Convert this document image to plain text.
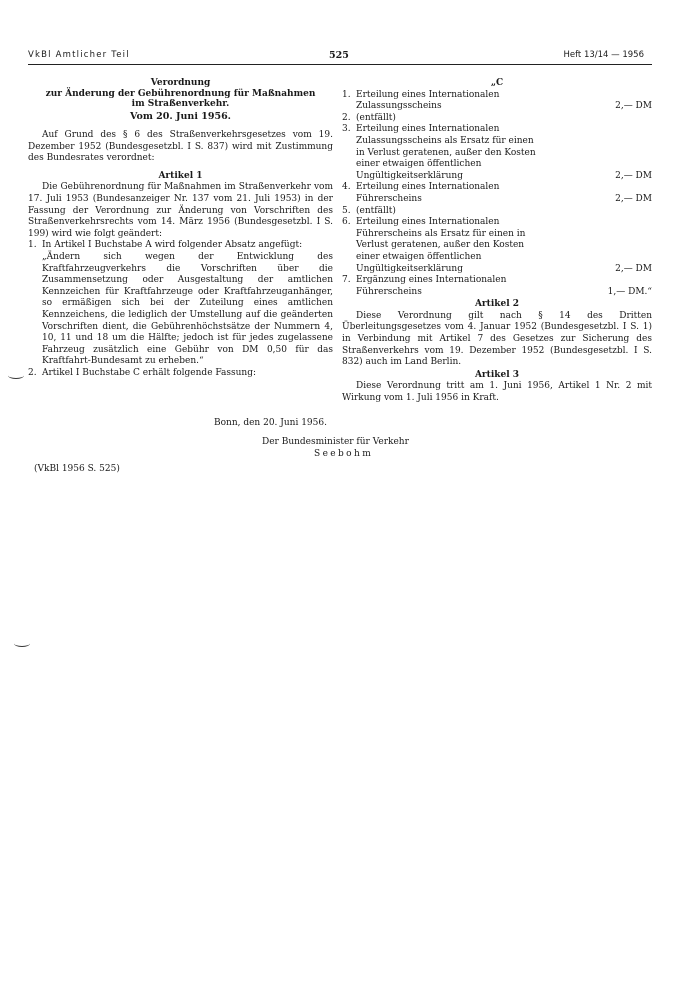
VkBl Amtlicher Teil	525	Heft 13/14 — 1956

Verordnung

zur Änderung der Gebührenordnung für Maßnahmen

im Straßenverkehr.

Vom 20. Juni 1956.

Auf Grund des § 6 des Straßenverkehrsgesetzes vom 19. Dezember 1952 (Bundesgesetzbl. I S. 837) wird mit Zustimmung des Bundesrates verordnet:

Artikel 1

Die Gebührenordnung für Maßnahmen im Straßenverkehr vom 17. Juli 1953 (Bundesanzeiger Nr. 137 vom 21. Juli 1953) in der Fassung der Verordnung zur Änderung von Vorschriften des Straßenverkehrsrechts vom 14. März 1956 (Bundesgesetzbl. I S. 199) wird wie folgt geändert:

1. In Artikel I Buchstabe A wird folgender Absatz angefügt:

„Ändern sich wegen der Entwicklung des Kraftfahrzeugverkehrs die Vorschriften über die Zusammensetzung oder Ausgestaltung der amtlichen Kennzeichen für Kraftfahrzeuge oder Kraftfahrzeuganhänger, so ermäßigen sich bei der Zuteilung eines amtlichen Kennzeichens, die lediglich der Umstellung auf die geänderten Vorschriften dient, die Gebührenhöchstsätze der Nummern 4, 10, 11 und 18 um die Hälfte; jedoch ist für jedes zugelassene Fahrzeug zusätzlich eine Gebühr von DM 0,50 für das Kraftfahrt-Bundesamt zu erheben.“

2. Artikel I Buchstabe C erhält folgende Fassung:

„C

1. Erteilung eines Internationalen Zulassungsscheins	2,— DM
2. (entfällt)
3. Erteilung eines Internationalen Zulassungsscheins als Ersatz für einen in Verlust geratenen, außer den Kosten einer etwaigen öffentlichen Ungültigkeitserklärung	2,— DM
4. Erteilung eines Internationalen Führerscheins	2,— DM
5. (entfällt)
6. Erteilung eines Internationalen Führerscheins als Ersatz für einen in Verlust geratenen, außer den Kosten einer etwaigen öffentlichen Ungültigkeitserklärung	2,— DM
7. Ergänzung eines Internationalen Führerscheins	1,— DM.“

Artikel 2

Diese Verordnung gilt nach § 14 des Dritten Überleitungsgesetzes vom 4. Januar 1952 (Bundesgesetzbl. I S. 1) in Verbindung mit Artikel 7 des Gesetzes zur Sicherung des Straßenverkehrs vom 19. Dezember 1952 (Bundesgesetzbl. I S. 832) auch im Land Berlin.

Artikel 3

Diese Verordnung tritt am 1. Juni 1956, Artikel 1 Nr. 2 mit Wirkung vom 1. Juli 1956 in Kraft.

Bonn, den 20. Juni 1956.
Der Bundesminister für Verkehr
Seebohm
(VkBl 1956 S. 525)
